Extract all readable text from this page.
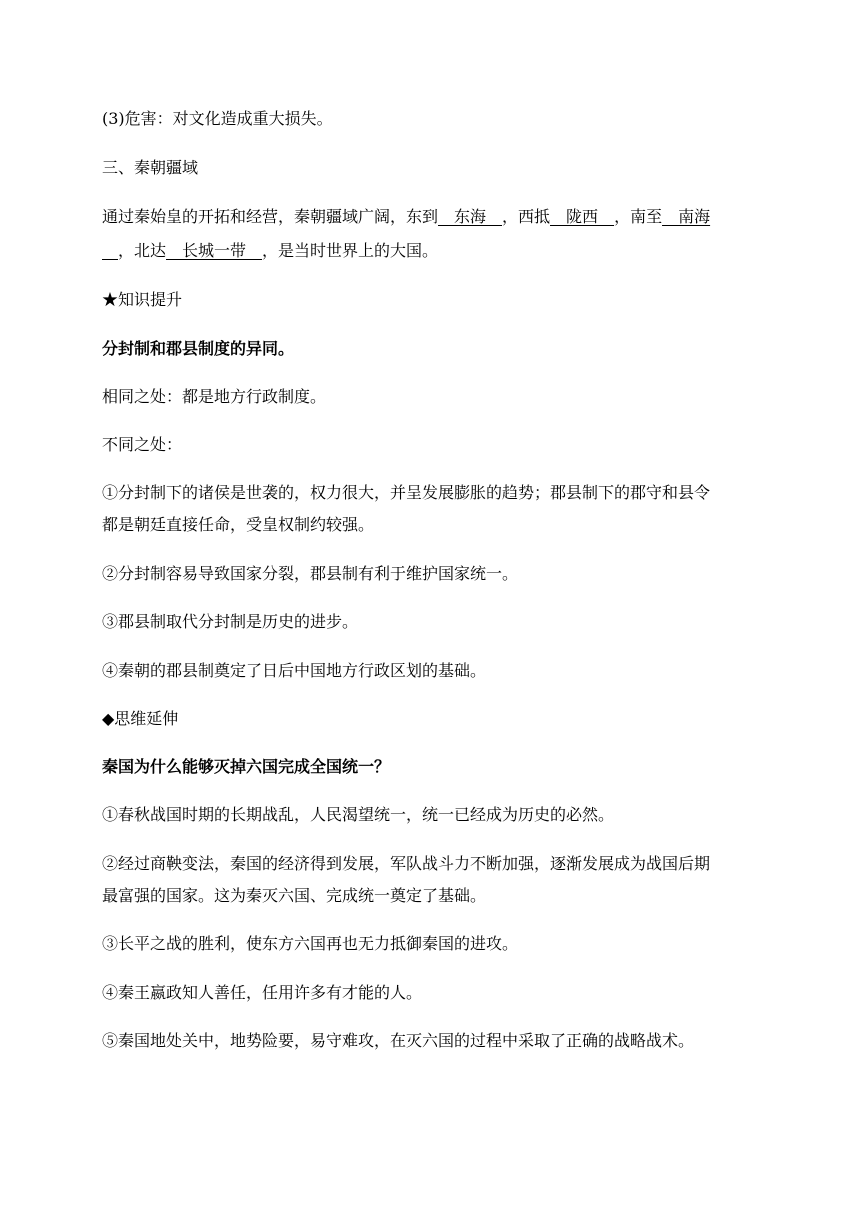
(3)危害：对文化造成重大损失。
三、秦朝疆域
通过秦始皇的开拓和经营，秦朝疆域广阔，东到__东海__，西抵__陇西__，南至__南海
__，北达__长城一带__，是当时世界上的大国。
★知识提升
分封制和郡县制度的异同。
相同之处：都是地方行政制度。
不同之处：
①分封制下的诸侯是世袭的，权力很大，并呈发展膨胀的趋势；郡县制下的郡守和县令
都是朝廷直接任命，受皇权制约较强。
②分封制容易导致国家分裂，郡县制有利于维护国家统一。
③郡县制取代分封制是历史的进步。
④秦朝的郡县制奠定了日后中国地方行政区划的基础。
◆思维延伸
秦国为什么能够灭掉六国完成全国统一？
①春秋战国时期的长期战乱，人民渴望统一，统一已经成为历史的必然。
②经过商鞅变法，秦国的经济得到发展，军队战斗力不断加强，逐渐发展成为战国后期
最富强的国家。这为秦灭六国、完成统一奠定了基础。
③长平之战的胜利，使东方六国再也无力抵御秦国的进攻。
④秦王嬴政知人善任，任用许多有才能的人。
⑤秦国地处关中，地势险要，易守难攻，在灭六国的过程中采取了正确的战略战术。
